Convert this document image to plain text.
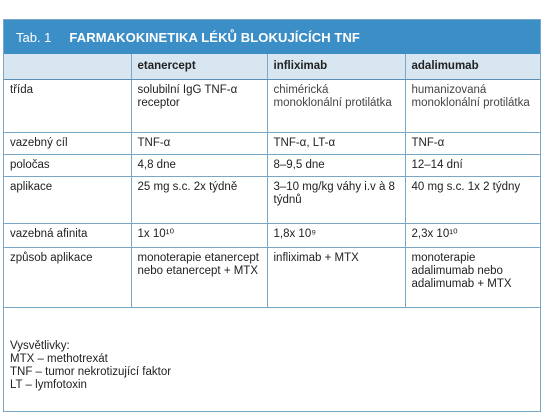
Tab. 1 FARMAKOKINETIKA LÉKŮ BLOKUJÍCÍCH TNF
	etanercept	infliximab	adalimumab
třída	solubilní IgG TNF-α receptor	chimérická monoklonální protilátka	humanizovaná monoklonální protilátka
vazebný cíl	TNF-α	TNF-α, LT-α	TNF-α
poločas	4,8 dne	8–9,5 dne	12–14 dní
aplikace	25 mg s.c. 2x týdně	3–10 mg/kg váhy i.v à 8 týdnů	40 mg s.c. 1x 2 týdny
vazebná afinita	1x 10¹⁰	1,8x 10⁹	2,3x 10¹⁰
způsob aplikace	monoterapie etanercept nebo etanercept + MTX	infliximab + MTX	monoterapie adalimumab nebo adalimumab + MTX
Vysvětlivky:
MTX – methotrexát
TNF – tumor nekrotizující faktor
LT – lymfotoxin
